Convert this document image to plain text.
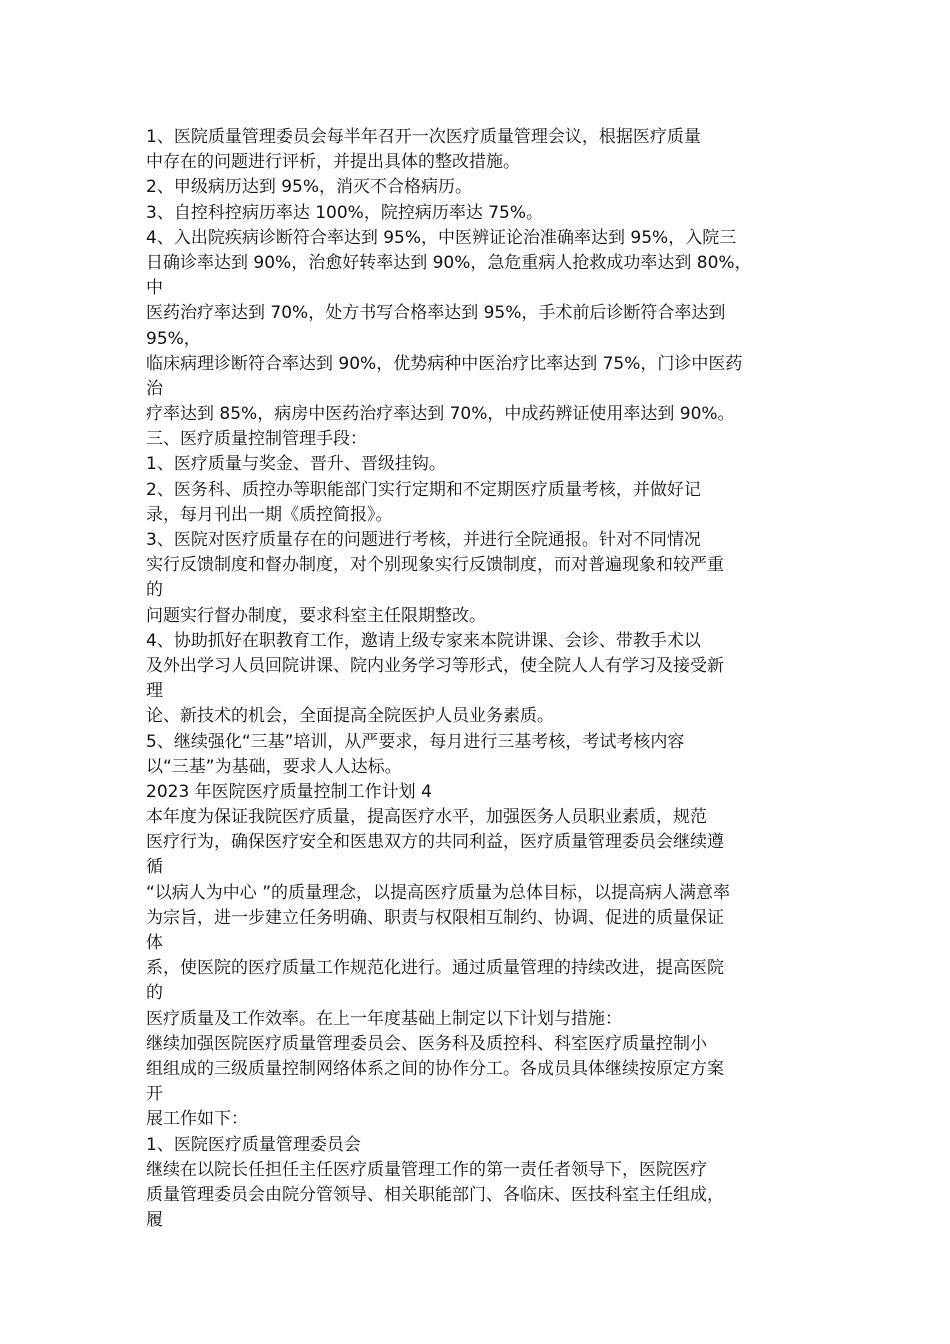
1、医院质量管理委员会每半年召开一次医疗质量管理会议，根据医疗质量
中存在的问题进行评析，并提出具体的整改措施。
2、甲级病历达到 95%，消灭不合格病历。
3、自控科控病历率达 100%，院控病历率达 75%。
4、入出院疾病诊断符合率达到 95%，中医辨证论治准确率达到 95%，入院三
日确诊率达到 90%，治愈好转率达到 90%，急危重病人抢救成功率达到 80%，
中
医药治疗率达到 70%，处方书写合格率达到 95%，手术前后诊断符合率达到
95%，
临床病理诊断符合率达到 90%，优势病种中医治疗比率达到 75%，门诊中医药
治
疗率达到 85%，病房中医药治疗率达到 70%，中成药辨证使用率达到 90%。
三、医疗质量控制管理手段：
1、医疗质量与奖金、晋升、晋级挂钩。
2、医务科、质控办等职能部门实行定期和不定期医疗质量考核，并做好记
录，每月刊出一期《质控简报》。
3、医院对医疗质量存在的问题进行考核，并进行全院通报。针对不同情况
实行反馈制度和督办制度，对个别现象实行反馈制度，而对普遍现象和较严重
的
问题实行督办制度，要求科室主任限期整改。
4、协助抓好在职教育工作，邀请上级专家来本院讲课、会诊、带教手术以
及外出学习人员回院讲课、院内业务学习等形式，使全院人人有学习及接受新
理
论、新技术的机会，全面提高全院医护人员业务素质。
5、继续强化“三基”培训，从严要求，每月进行三基考核，考试考核内容
以“三基”为基础，要求人人达标。
2023 年医院医疗质量控制工作计划 4
本年度为保证我院医疗质量，提高医疗水平，加强医务人员职业素质，规范
医疗行为，确保医疗安全和医患双方的共同利益，医疗质量管理委员会继续遵
循
“以病人为中心 ”的质量理念，以提高医疗质量为总体目标，以提高病人满意率
为宗旨，进一步建立任务明确、职责与权限相互制约、协调、促进的质量保证
体
系，使医院的医疗质量工作规范化进行。通过质量管理的持续改进，提高医院
的
医疗质量及工作效率。在上一年度基础上制定以下计划与措施：
继续加强医院医疗质量管理委员会、医务科及质控科、科室医疗质量控制小
组组成的三级质量控制网络体系之间的协作分工。各成员具体继续按原定方案
开
展工作如下：
1、医院医疗质量管理委员会
继续在以院长任担任主任医疗质量管理工作的第一责任者领导下，医院医疗
质量管理委员会由院分管领导、相关职能部门、各临床、医技科室主任组成，
履
